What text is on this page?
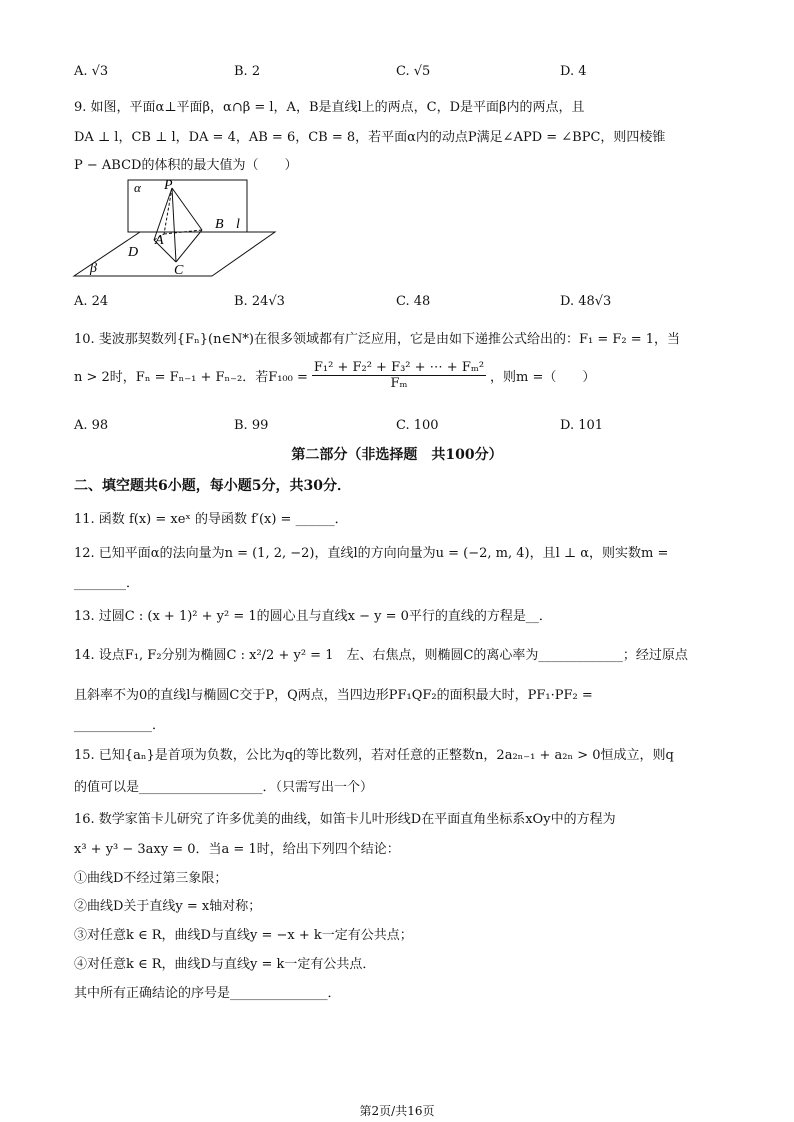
A. √3	B. 2	C. √5	D. 4
9. 如图，平面α⊥平面β，α∩β = l，A，B是直线l上的两点，C，D是平面β内的两点，且
DA ⊥ l，CB ⊥ l，DA = 4，AB = 6，CB = 8，若平面α内的动点P满足∠APD = ∠BPC，则四棱锥
P − ABCD的体积的最大值为（　　）
α P
B l
A
D
C
β
A. 24	B. 24√3	C. 48	D. 48√3
10. 斐波那契数列{Fₙ}(n∈N*)在很多领域都有广泛应用，它是由如下递推公式给出的：F₁ = F₂ = 1，当
n > 2时，Fₙ = Fₙ₋₁ + Fₙ₋₂．若$F_{100} = \frac{\text{F₁² + F₂² + F₃² + ⋯ + Fₘ²}}{\text{Fₘ}}$ ，则m =（　　）
A. 98	B. 99	C. 100	D. 101
第二部分（非选择题　共100分）
二、填空题共6小题，每小题5分，共30分．
11. 函数 f(x) = xeˣ 的导函数 f′(x) = ______．
12. 已知平面α的法向量为n = (1, 2, −2)，直线l的方向向量为u = (−2, m, 4)，且l ⊥ α，则实数m =
________．
13. 过圆C : (x + 1)² + y² = 1的圆心且与直线x − y = 0平行的直线的方程是__．
14. 设点F₁, F₂分别为椭圆C : x²/2 + y² = 1　左、右焦点，则椭圆C的离心率为_____________；经过原点
且斜率不为0的直线l与椭圆C交于P，Q两点，当四边形PF₁QF₂的面积最大时，PF₁·PF₂ =
____________．
15. 已知{aₙ}是首项为负数，公比为q的等比数列，若对任意的正整数n，2a₂ₙ₋₁ + a₂ₙ > 0恒成立，则q
的值可以是___________________．（只需写出一个）
16. 数学家笛卡儿研究了许多优美的曲线，如笛卡儿叶形线D在平面直角坐标系xOy中的方程为
x³ + y³ − 3axy = 0．当a = 1时，给出下列四个结论：
①曲线D不经过第三象限；
②曲线D关于直线y = x轴对称；
③对任意k ∈ R，曲线D与直线y = −x + k一定有公共点；
④对任意k ∈ R，曲线D与直线y = k一定有公共点．
其中所有正确结论的序号是_______________．
第2页/共16页
